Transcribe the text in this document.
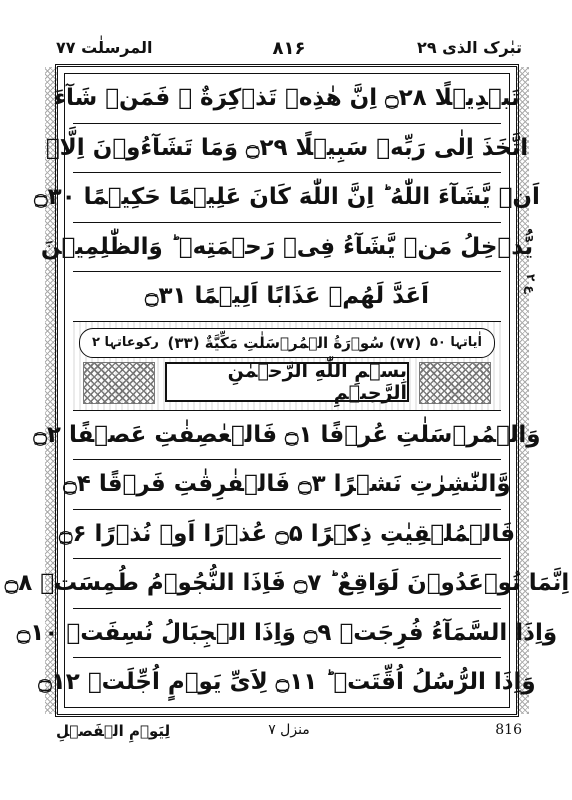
تبٰرک الذی ۲۹
۸۱۶
المرسلٰت ۷۷
تَبۡدِيۡلًا ۝۲۸ اِنَّ هٰذِهٖ تَذۡكِرَةٌ ۚ فَمَنۡ شَآءَ
اتَّخَذَ اِلٰى رَبِّهٖ سَبِيۡلًا ۝۲۹ وَمَا تَشَآءُوۡنَ اِلَّاۤ
اَنۡ يَّشَآءَ اللّٰهُ ؕ اِنَّ اللّٰهَ كَانَ عَلِيۡمًا حَكِيۡمًا ۝۳۰
يُّدۡخِلُ مَنۡ يَّشَآءُ فِىۡ رَحۡمَتِهٖ ؕ وَالظّٰلِمِيۡنَ
اَعَدَّ لَهُمۡ عَذَابًا اَلِيۡمًا ۝۳۱
اٰیاتہا ۵۰
(۷۷) سُوۡرَةُ الۡمُرۡسَلٰتِ مَكِّيَّةٌ (۳۳)
رکوعاتہا ۲
بِسۡمِ اللّٰهِ الرَّحۡمٰنِ الرَّحِيۡمِ
وَالۡمُرۡسَلٰتِ عُرۡفًا ۝۱ فَالۡعٰصِفٰتِ عَصۡفًا ۝۲
وَّالنّٰشِرٰتِ نَشۡرًا ۝۳ فَالۡفٰرِقٰتِ فَرۡقًا ۝۴
فَالۡمُلۡقِيٰتِ ذِكۡرًا ۝۵ عُذۡرًا اَوۡ نُذۡرًا ۝۶
اِنَّمَا تُوۡعَدُوۡنَ لَوَاقِعٌ ؕ ۝۷ فَاِذَا النُّجُوۡمُ طُمِسَتۡ ۝۸
وَاِذَا السَّمَآءُ فُرِجَتۡ ۝۹ وَاِذَا الۡجِبَالُ نُسِفَتۡ ۝۱۰
وَاِذَا الرُّسُلُ اُقِّتَتۡ ؕ ۝۱۱ لِاَىِّ يَوۡمٍ اُجِّلَتۡ ۝۱۲
ع ۲
لِيَوۡمِ الۡفَصۡلِ	منزل ۷	816
